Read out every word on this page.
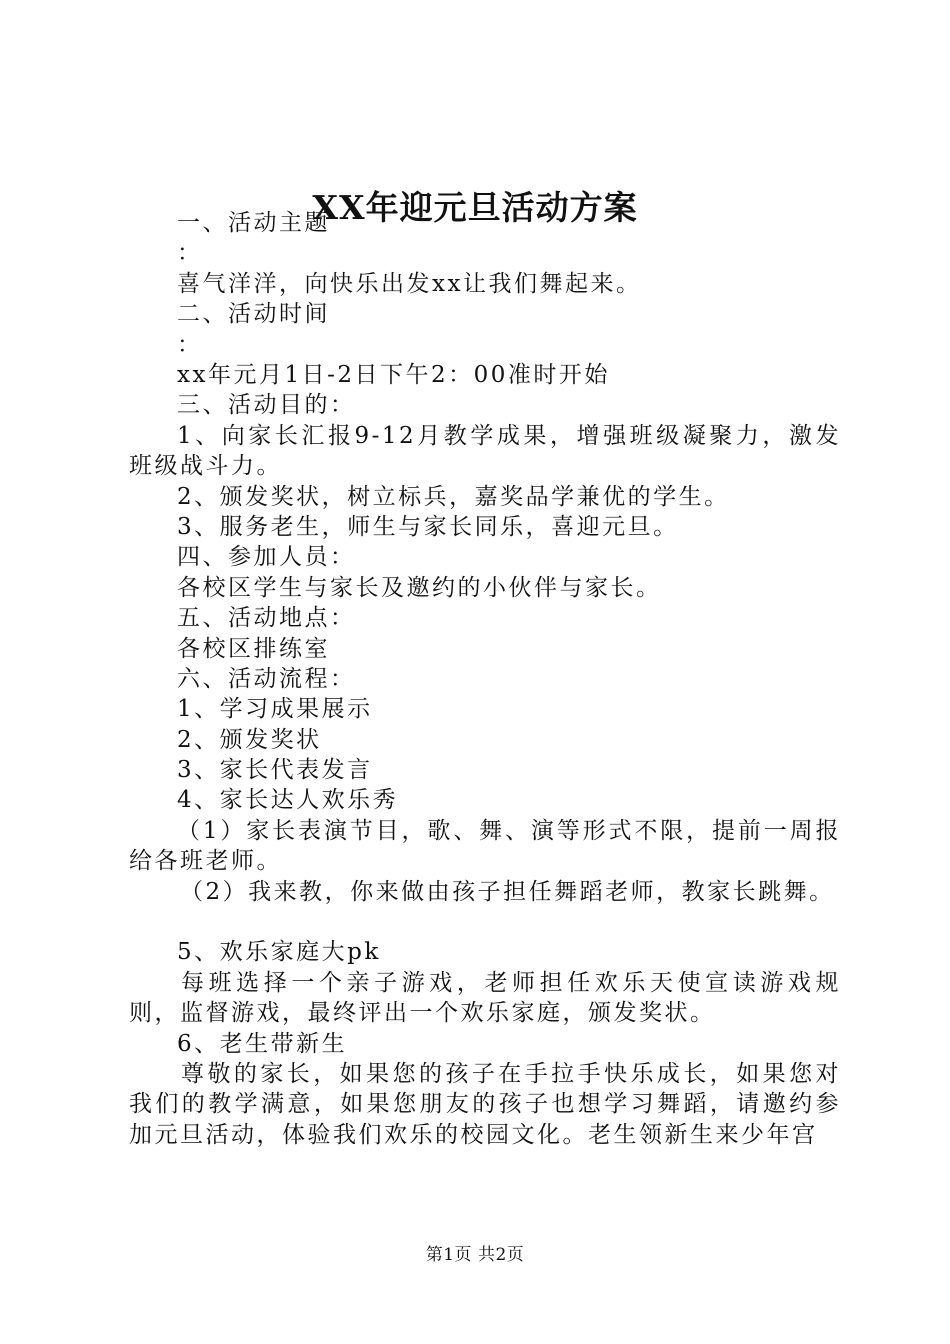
XX年迎元旦活动方案
一、活动主题
：
喜气洋洋，向快乐出发xx让我们舞起来。
二、活动时间
：
xx年元月1日-2日下午2：00准时开始
三、活动目的：
1、向家长汇报9-12月教学成果，增强班级凝聚力，激发班级战斗力。
2、颁发奖状，树立标兵，嘉奖品学兼优的学生。
3、服务老生，师生与家长同乐，喜迎元旦。
四、参加人员：
各校区学生与家长及邀约的小伙伴与家长。
五、活动地点：
各校区排练室
六、活动流程：
1、学习成果展示
2、颁发奖状
3、家长代表发言
4、家长达人欢乐秀
（1）家长表演节目，歌、舞、演等形式不限，提前一周报给各班老师。
（2）我来教，你来做由孩子担任舞蹈老师，教家长跳舞。
5、欢乐家庭大pk
每班选择一个亲子游戏，老师担任欢乐天使宣读游戏规则，监督游戏，最终评出一个欢乐家庭，颁发奖状。
6、老生带新生
尊敬的家长，如果您的孩子在手拉手快乐成长，如果您对我们的教学满意，如果您朋友的孩子也想学习舞蹈，请邀约参加元旦活动，体验我们欢乐的校园文化。老生领新生来少年宫
第1页 共2页
